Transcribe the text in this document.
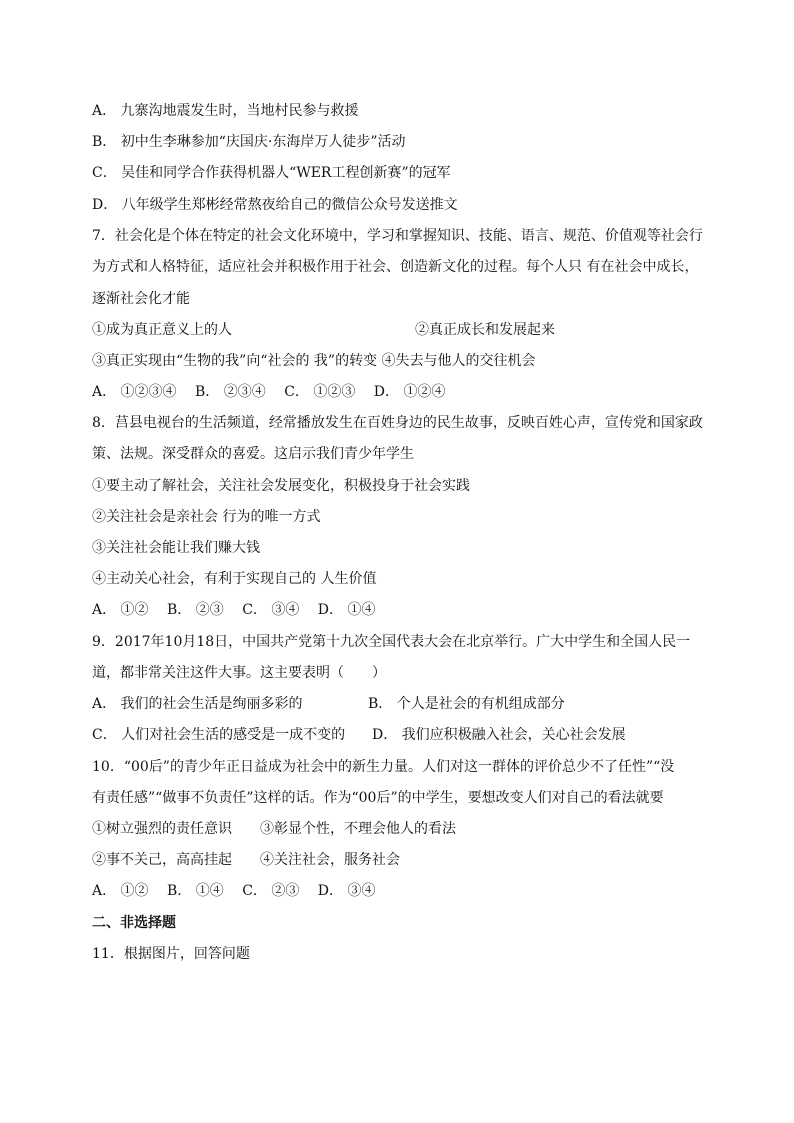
A． 九寨沟地震发生时，当地村民参与救援
B． 初中生李琳参加“庆国庆·东海岸万人徒步”活动
C． 吴佳和同学合作获得机器人“WER工程创新赛”的冠军
D． 八年级学生郑彬经常熬夜给自己的微信公众号发送推文
7．社会化是个体在特定的社会文化环境中，学习和掌握知识、技能、语言、规范、价值观等社会行
为方式和人格特征，适应社会并积极作用于社会、创造新文化的过程。每个人只 有在社会中成长，
逐渐社会化才能
①成为真正意义上的人	②真正成长和发展起来
③真正实现由“生物的我”向“社会的 我”的转变 ④失去与他人的交往机会
A． ①②③④　 B． ②③④　 C． ①②③　 D． ①②④
8．莒县电视台的生活频道，经常播放发生在百姓身边的民生故事，反映百姓心声，宣传党和国家政
策、法规。深受群众的喜爱。这启示我们青少年学生
①要主动了解社会，关注社会发展变化，积极投身于社会实践
②关注社会是亲社会 行为的唯一方式
③关注社会能让我们赚大钱
④主动关心社会，有利于实现自己的 人生价值
A． ①②　 B． ②③　 C． ③④　 D． ①④
9．2017年10月18日，中国共产党第十九次全国代表大会在北京举行。广大中学生和全国人民一
道，都非常关注这件大事。这主要表明（　　）
A． 我们的社会生活是绚丽多彩的	B． 个人是社会的有机组成部分
C． 人们对社会生活的感受是一成不变的 D． 我们应积极融入社会，关心社会发展
10．“00后”的青少年正日益成为社会中的新生力量。人们对这一群体的评价总少不了任性”“没
有责任感”“做事不负责任”这样的话。作为“00后”的中学生，要想改变人们对自己的看法就要
①树立强烈的责任意识　　③彰显个性，不理会他人的看法
②事不关己，高高挂起　　④关注社会，服务社会
A． ①②　 B． ①④　 C． ②③　 D． ③④
二、非选择题
11．根据图片，回答问题
